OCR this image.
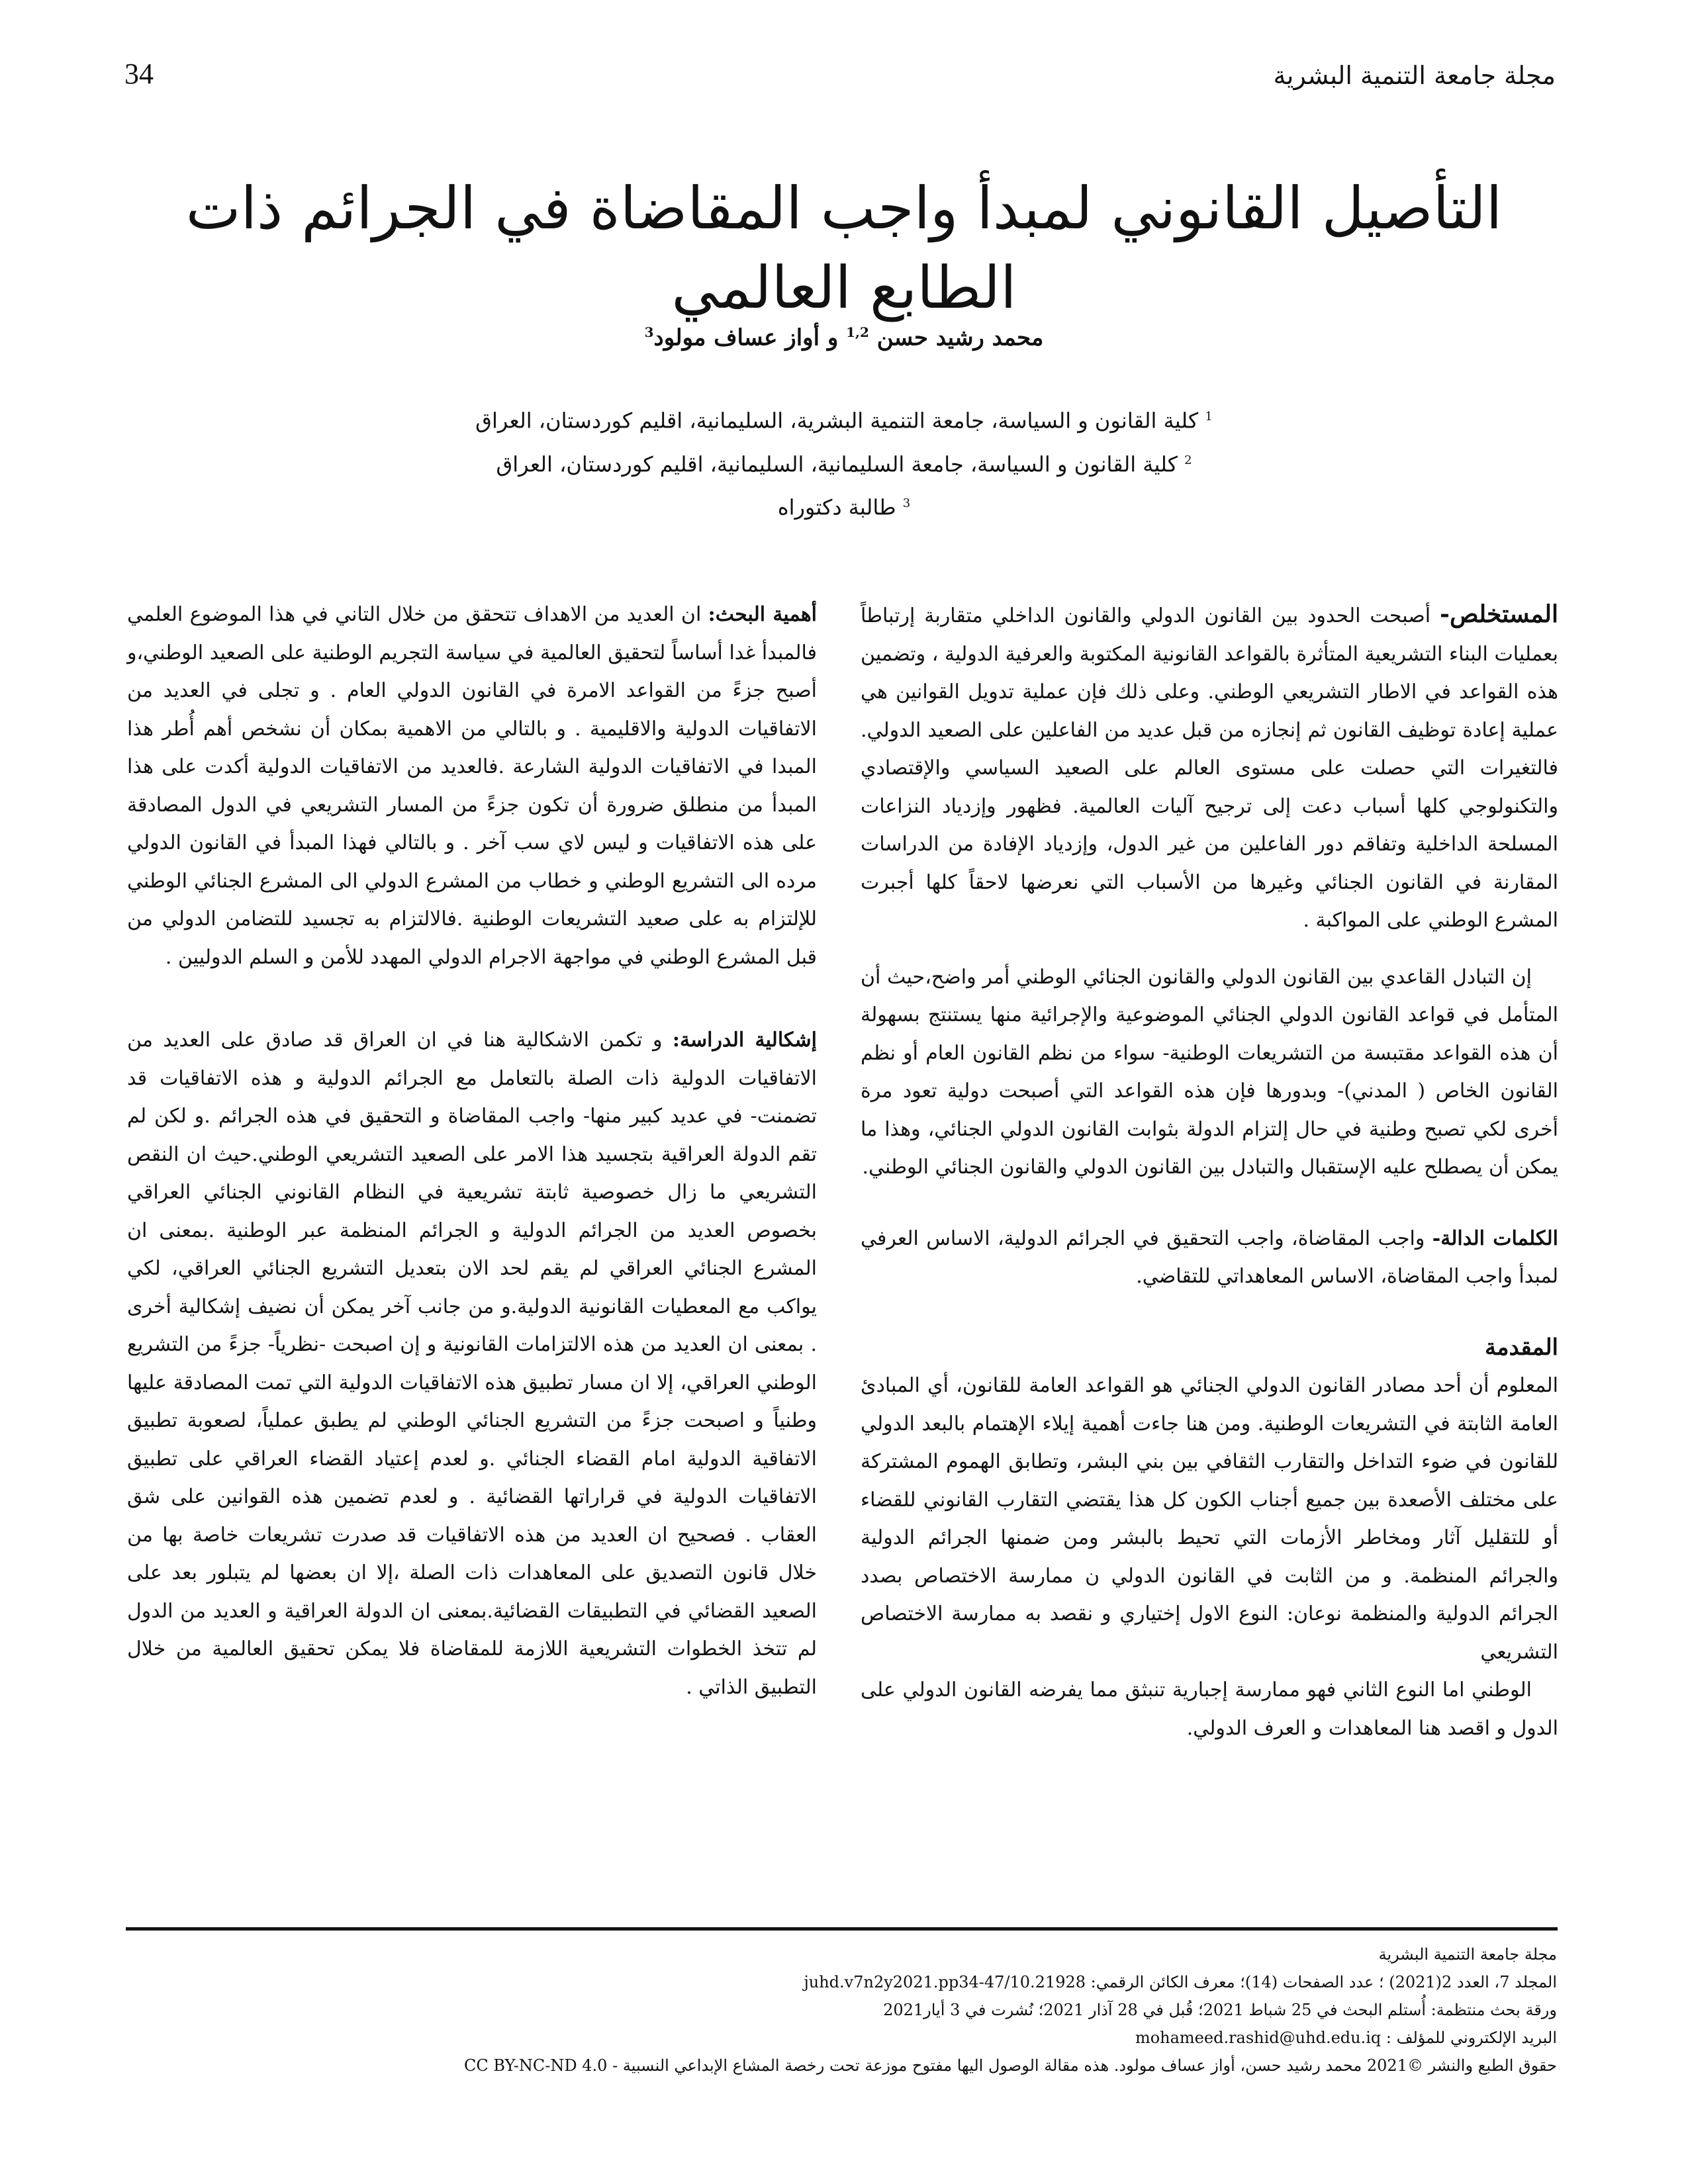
مجلة جامعة التنمية البشرية
34
التأصيل القانوني لمبدأ واجب المقاضاة في الجرائم ذات الطابع العالمي
محمد رشيد حسن $^{1,2}$ و أواز عساف مولود$^3$
$^1$ كلية القانون و السياسة، جامعة التنمية البشرية، السليمانية، اقليم كوردستان، العراق
$^2$ كلية القانون و السياسة، جامعة السليمانية، السليمانية، اقليم كوردستان، العراق
$^3$ طالبة دكتوراه

المستخلص- أصبحت الحدود بين القانون الدولي والقانون الداخلي متقاربة إرتباطاً بعمليات البناء التشريعية المتأثرة بالقواعد القانونية المكتوبة والعرفية الدولية ، وتضمين هذه القواعد في الاطار التشريعي الوطني. وعلى ذلك فإن عملية تدويل القوانين هي عملية إعادة توظيف القانون ثم إنجازه من قبل عديد من الفاعلين على الصعيد الدولي. فالتغيرات التي حصلت على مستوى العالم على الصعيد السياسي والإقتصادي والتكنولوجي كلها أسباب دعت إلى ترجيح آليات العالمية. فظهور وإزدياد النزاعات المسلحة الداخلية وتفاقم دور الفاعلين من غير الدول، وإزدياد الإفادة من الدراسات المقارنة في القانون الجنائي وغيرها من الأسباب التي نعرضها لاحقاً كلها أجبرت المشرع الوطني على المواكبة .

إن التبادل القاعدي بين القانون الدولي والقانون الجنائي الوطني أمر واضح،حيث أن المتأمل في قواعد القانون الدولي الجنائي الموضوعية والإجرائية منها يستنتج بسهولة أن هذه القواعد مقتبسة من التشريعات الوطنية- سواء من نظم القانون العام أو نظم القانون الخاص ( المدني)- وبدورها فإن هذه القواعد التي أصبحت دولية تعود مرة أخرى لكي تصبح وطنية في حال إلتزام الدولة بثوابت القانون الدولي الجنائي، وهذا ما يمكن أن يصطلح عليه الإستقبال والتبادل بين القانون الدولي والقانون الجنائي الوطني.

الكلمات الدالة- واجب المقاضاة، واجب التحقيق في الجرائم الدولية، الاساس العرفي لمبدأ واجب المقاضاة، الاساس المعاهداتي للتقاضي.

المقدمة

المعلوم أن أحد مصادر القانون الدولي الجنائي هو القواعد العامة للقانون، أي المبادئ العامة الثابتة في التشريعات الوطنية. ومن هنا جاءت أهمية إيلاء الإهتمام بالبعد الدولي للقانون في ضوء التداخل والتقارب الثقافي بين بني البشر، وتطابق الهموم المشتركة على مختلف الأصعدة بين جميع أجناب الكون كل هذا يقتضي التقارب القانوني للقضاء أو للتقليل آثار ومخاطر الأزمات التي تحيط بالبشر ومن ضمنها الجرائم الدولية والجرائم المنظمة. و من الثابت في القانون الدولي ن ممارسة الاختصاص بصدد الجرائم الدولية والمنظمة نوعان: النوع الاول إختياري و نقصد به ممارسة الاختصاص التشريعي

الوطني اما النوع الثاني فهو ممارسة إجبارية تنبثق مما يفرضه القانون الدولي على الدول و اقصد هنا المعاهدات و العرف الدولي.

أهمية البحث: ان العديد من الاهداف تتحقق من خلال التاني في هذا الموضوع العلمي فالمبدأ غدا أساساً لتحقيق العالمية في سياسة التجريم الوطنية على الصعيد الوطني،و أصبح جزءً من القواعد الامرة في القانون الدولي العام . و تجلى في العديد من الاتفاقيات الدولية والاقليمية . و بالتالي من الاهمية بمكان أن نشخص أهم أُطر هذا المبدا في الاتفاقيات الدولية الشارعة .فالعديد من الاتفاقيات الدولية أكدت على هذا المبدأ من منطلق ضرورة أن تكون جزءً من المسار التشريعي في الدول المصادقة على هذه الاتفاقيات و ليس لاي سب آخر . و بالتالي فهذا المبدأ في القانون الدولي مرده الى التشريع الوطني و خطاب من المشرع الدولي الى المشرع الجنائي الوطني للإلتزام به على صعيد التشريعات الوطنية .فالالتزام به تجسيد للتضامن الدولي من قبل المشرع الوطني في مواجهة الاجرام الدولي المهدد للأمن و السلم الدوليين .

إشكالية الدراسة: و تكمن الاشكالية هنا في ان العراق قد صادق على العديد من الاتفاقيات الدولية ذات الصلة بالتعامل مع الجرائم الدولية و هذه الاتفاقيات قد تضمنت- في عديد كبير منها- واجب المقاضاة و التحقيق في هذه الجرائم .و لكن لم تقم الدولة العراقية بتجسيد هذا الامر على الصعيد التشريعي الوطني.حيث ان النقص التشريعي ما زال خصوصية ثابتة تشريعية في النظام القانوني الجنائي العراقي بخصوص العديد من الجرائم الدولية و الجرائم المنظمة عبر الوطنية .بمعنى ان المشرع الجنائي العراقي لم يقم لحد الان بتعديل التشريع الجنائي العراقي، لكي يواكب مع المعطيات القانونية الدولية.و من جانب آخر يمكن أن نضيف إشكالية أخرى . بمعنى ان العديد من هذه الالتزامات القانونية و إن اصبحت -نظرياً- جزءً من التشريع الوطني العراقي، إلا ان مسار تطبيق هذه الاتفاقيات الدولية التي تمت المصادقة عليها وطنياً و اصبحت جزءً من التشريع الجنائي الوطني لم يطبق عملياً، لصعوبة تطبيق الاتفاقية الدولية امام القضاء الجنائي .و لعدم إعتياد القضاء العراقي على تطبيق الاتفاقيات الدولية في قراراتها القضائية . و لعدم تضمين هذه القوانين على شق العقاب . فصحيح ان العديد من هذه الاتفاقيات قد صدرت تشريعات خاصة بها من خلال قانون التصديق على المعاهدات ذات الصلة ،إلا ان بعضها لم يتبلور بعد على الصعيد القضائي في التطبيقات القضائية.بمعنى ان الدولة العراقية و العديد من الدول لم تتخذ الخطوات التشريعية اللازمة للمقاضاة فلا يمكن تحقيق العالمية من خلال التطبيق الذاتي .

مجلة جامعة التنمية البشرية
المجلد 7، العدد 2(2021) ؛ عدد الصفحات (14)؛ معرف الكائن الرقمي: 10.21928/juhd.v7n2y2021.pp34-47
ورقة بحث منتظمة: أُستلم البحث في 25 شباط 2021؛ قُبل في 28 آذار 2021؛ نُشرت في 3 أيار2021
البريد الإلكتروني للمؤلف : mohameed.rashid@uhd.edu.iq
حقوق الطبع والنشر ©2021 محمد رشيد حسن، أواز عساف مولود. هذه مقالة الوصول اليها مفتوح موزعة تحت رخصة المشاع الإبداعي النسبية - CC BY-NC-ND 4.0
